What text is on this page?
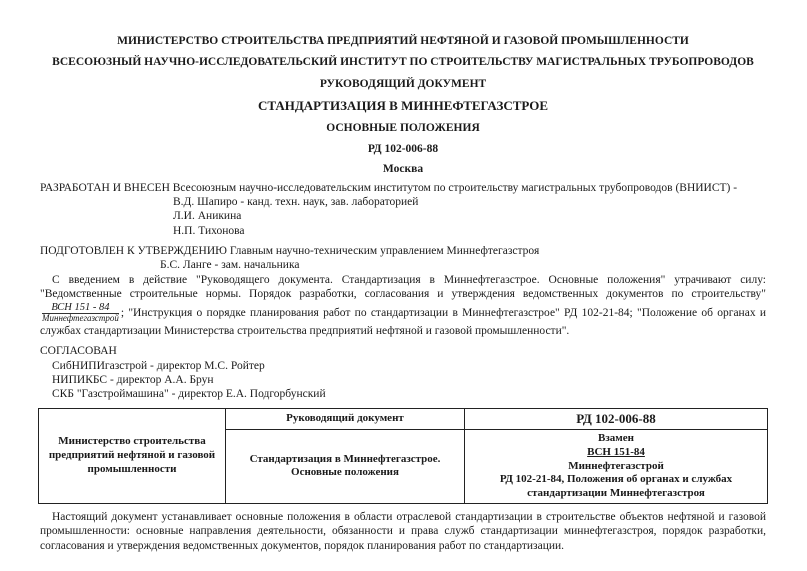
МИНИСТЕРСТВО СТРОИТЕЛЬСТВА ПРЕДПРИЯТИЙ НЕФТЯНОЙ И ГАЗОВОЙ ПРОМЫШЛЕННОСТИ
ВСЕСОЮЗНЫЙ НАУЧНО-ИССЛЕДОВАТЕЛЬСКИЙ ИНСТИТУТ ПО СТРОИТЕЛЬСТВУ МАГИСТРАЛЬНЫХ ТРУБОПРОВОДОВ
РУКОВОДЯЩИЙ ДОКУМЕНТ
СТАНДАРТИЗАЦИЯ В МИННЕФТЕГАЗСТРОЕ
ОСНОВНЫЕ ПОЛОЖЕНИЯ
РД 102-006-88
Москва

РАЗРАБОТАН И ВНЕСЕН Всесоюзным научно-исследовательским институтом по строительству магистральных трубопроводов (ВНИИСТ) -

В.Д. Шапиро - канд. техн. наук, зав. лабораторией

Л.И. Аникина

Н.П. Тихонова

ПОДГОТОВЛЕН К УТВЕРЖДЕНИЮ Главным научно-техническим управлением Миннефтегазстроя

Б.С. Ланге - зам. начальника

С введением в действие "Руководящего документа. Стандартизация в Миннефтегазстрое. Основные положения" утрачивают силу: "Ведомственные строительные нормы. Порядок разработки, согласования и утверждения ведомственных документов по строительству"
$\frac{\text{ВСН 151 - 84}}{\text{Миннефтегазстрой}}$ ; "Инструкция о порядке планирования работ по стандартизации в Миннефтегазстрое" РД 102-21-84; "Положение об органах и службах стандартизации Министерства строительства предприятий нефтяной и газовой промышленности".

СОГЛАСОВАН

СибНИПИгазстрой - директор М.С. Ройтер

НИПИКБС - директор А.А. Брун

СКБ "Газстроймашина" - директор Е.А. Подгорбунский

Министерство строительства предприятий нефтяной и газовой промышленности	Руководящий документ	РД 102-006-88
	Стандартизация в Миннефтегазстрое. Основные положения	Взамен
ВСН 151-84
Миннефтегазстрой
РД 102-21-84, Положения об органах и службах стандартизации Миннефтегазстроя

Настоящий документ устанавливает основные положения в области отраслевой стандартизации в строительстве объектов нефтяной и газовой промышленности: основные направления деятельности, обязанности и права служб стандартизации миннефтегазстроя, порядок разработки, согласования и утверждения ведомственных документов, порядок планирования работ по стандартизации.
